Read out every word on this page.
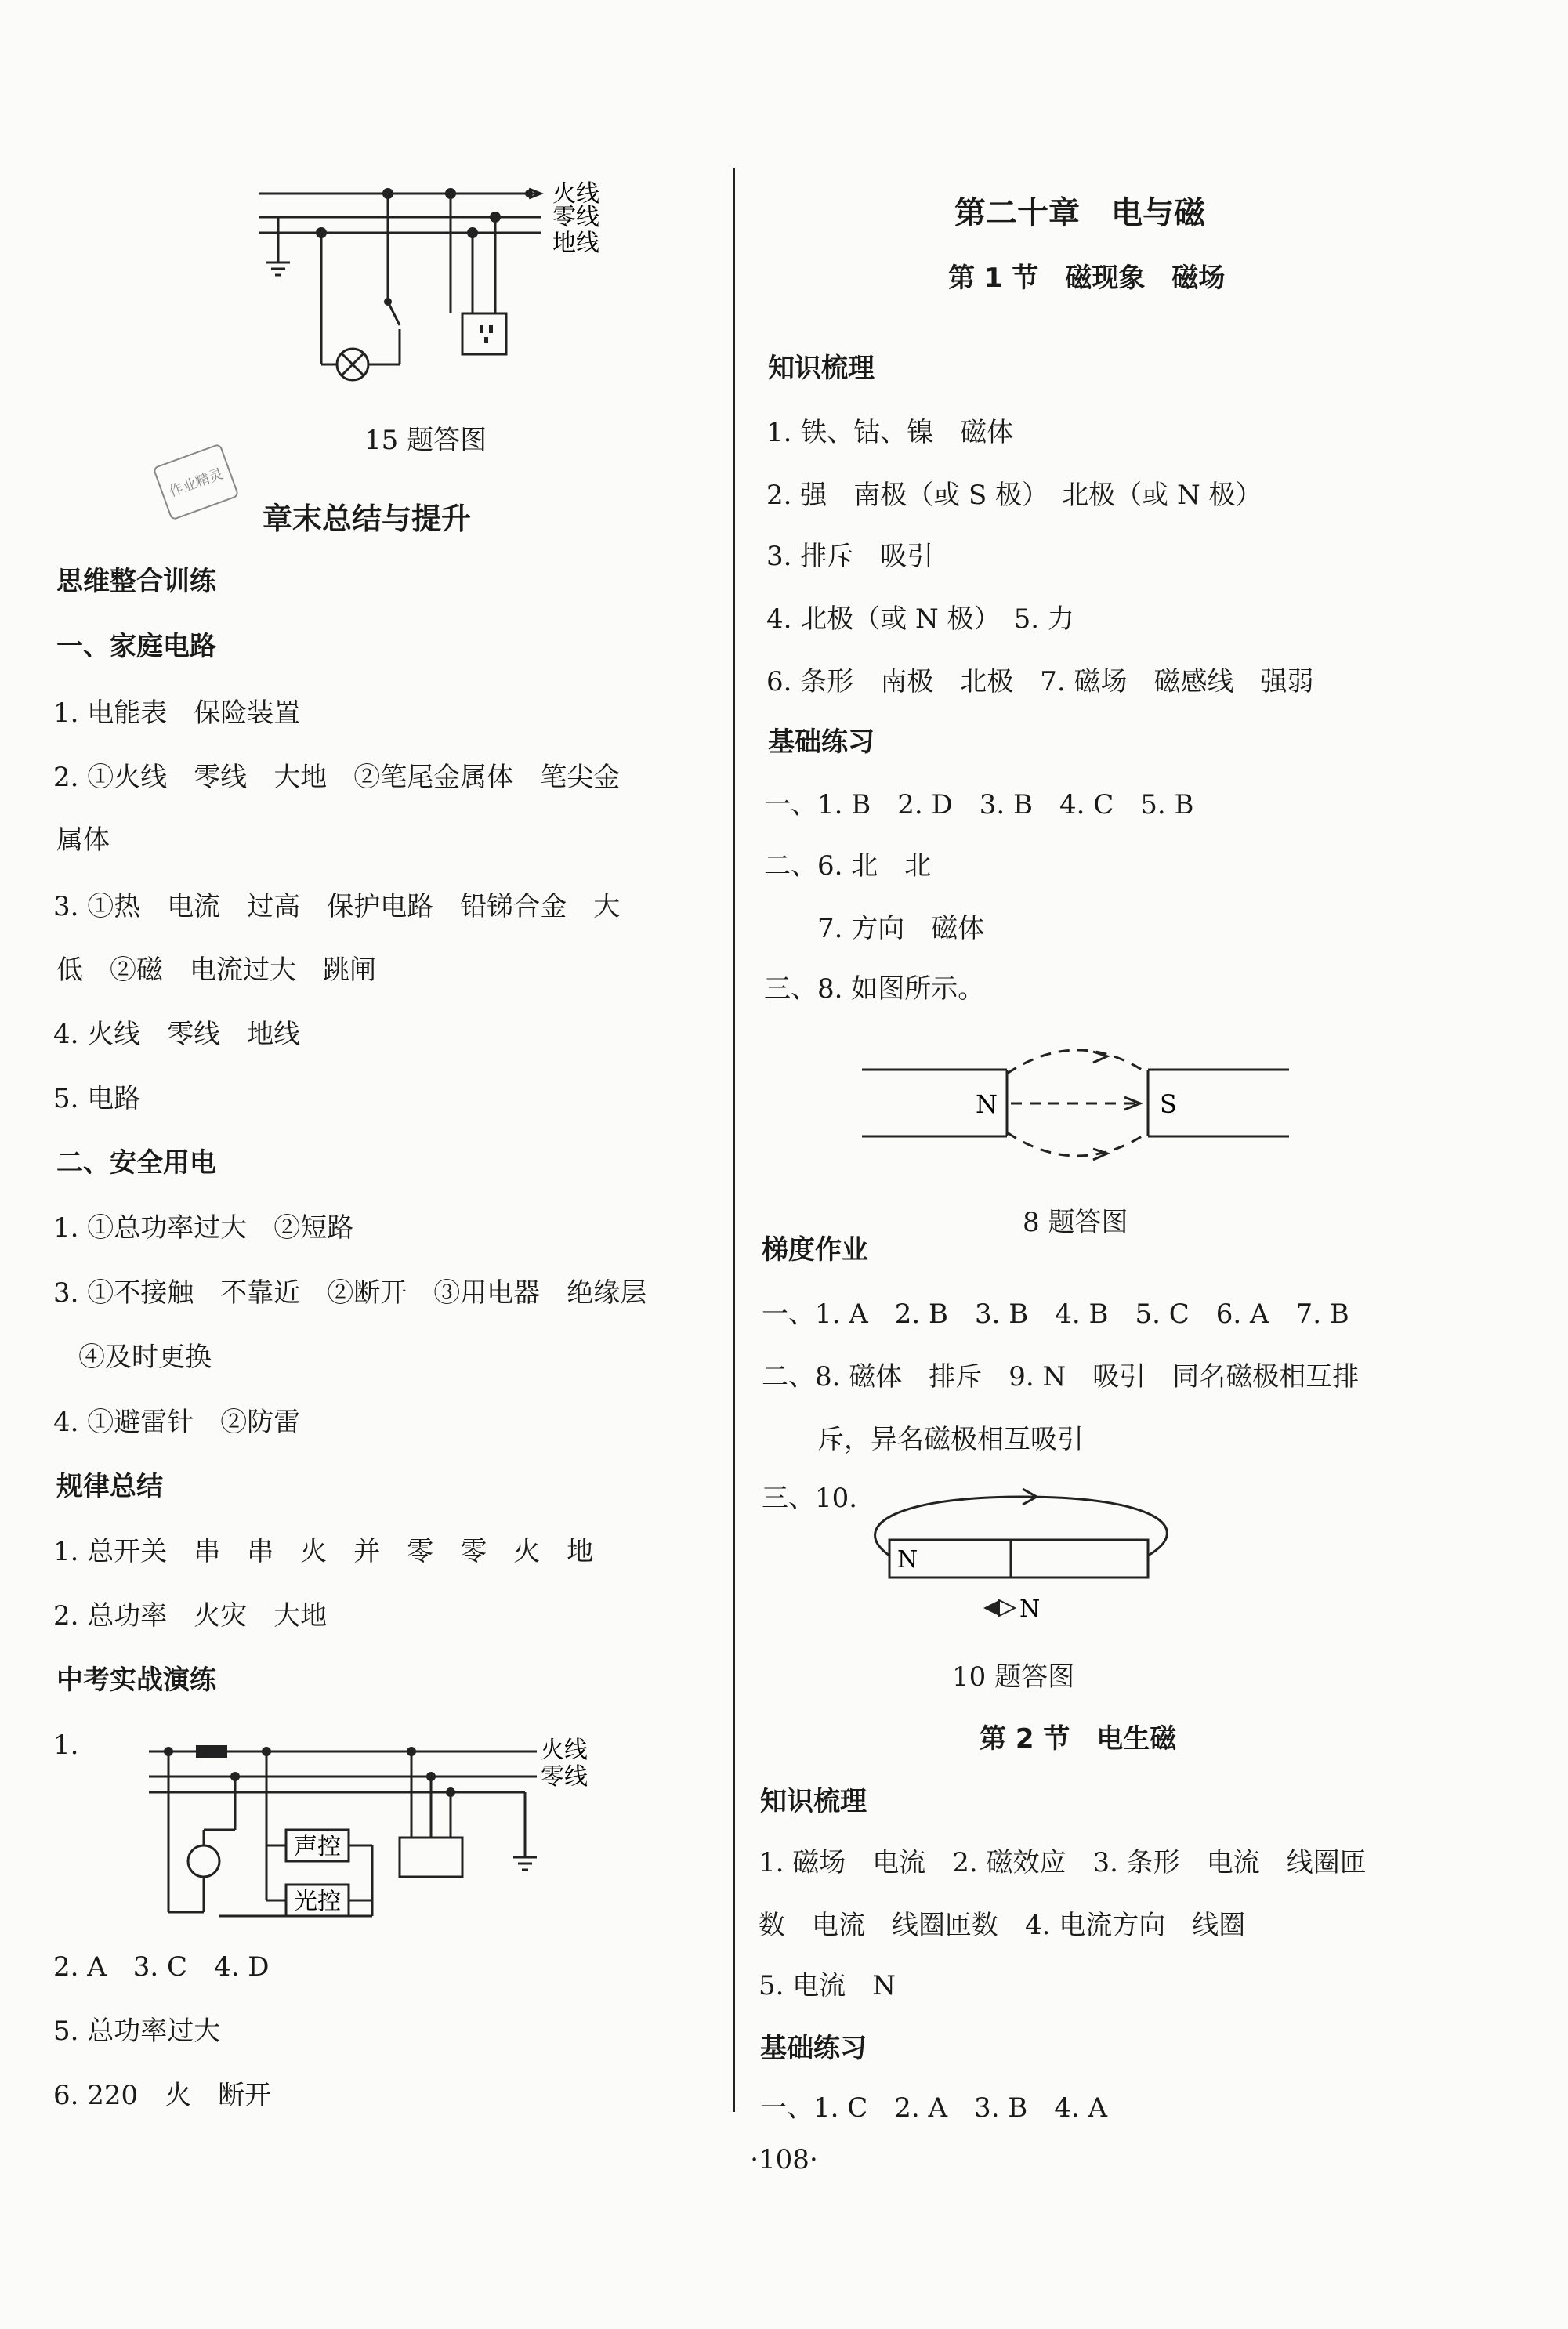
火线
零线
地线
15 题答图
作业精灵
章末总结与提升
思维整合训练
一、家庭电路
1. 电能表　保险装置
2. ①火线　零线　大地　②笔尾金属体　笔尖金
属体
3. ①热　电流　过高　保护电路　铅锑合金　大
低　②磁　电流过大　跳闸
4. 火线　零线　地线
5. 电路
二、安全用电
1. ①总功率过大　②短路
3. ①不接触　不靠近　②断开　③用电器　绝缘层
④及时更换
4. ①避雷针　②防雷
规律总结
1. 总开关　串　串　火　并　零　零　火　地
2. 总功率　火灾　大地
中考实战演练
1.
声控
光控
火线
零线
2. A　3. C　4. D
5. 总功率过大
6. 220　火　断开
第二十章　电与磁
第 1 节　磁现象　磁场
知识梳理
1. 铁、钴、镍　磁体
2. 强　南极（或 S 极）　北极（或 N 极）
3. 排斥　吸引
4. 北极（或 N 极）　5. 力
6. 条形　南极　北极　7. 磁场　磁感线　强弱
基础练习
一、1. B　2. D　3. B　4. C　5. B
二、6. 北　北
7. 方向　磁体
三、8. 如图所示。
N	S
8 题答图
梯度作业
一、1. A　2. B　3. B　4. B　5. C　6. A　7. B
二、8. 磁体　排斥　9. N　吸引　同名磁极相互排
斥，异名磁极相互吸引
三、10.
N
N
10 题答图
第 2 节　电生磁
知识梳理
1. 磁场　电流　2. 磁效应　3. 条形　电流　线圈匝
数　电流　线圈匝数　4. 电流方向　线圈
5. 电流　N
基础练习
一、1. C　2. A　3. B　4. A
·108·
